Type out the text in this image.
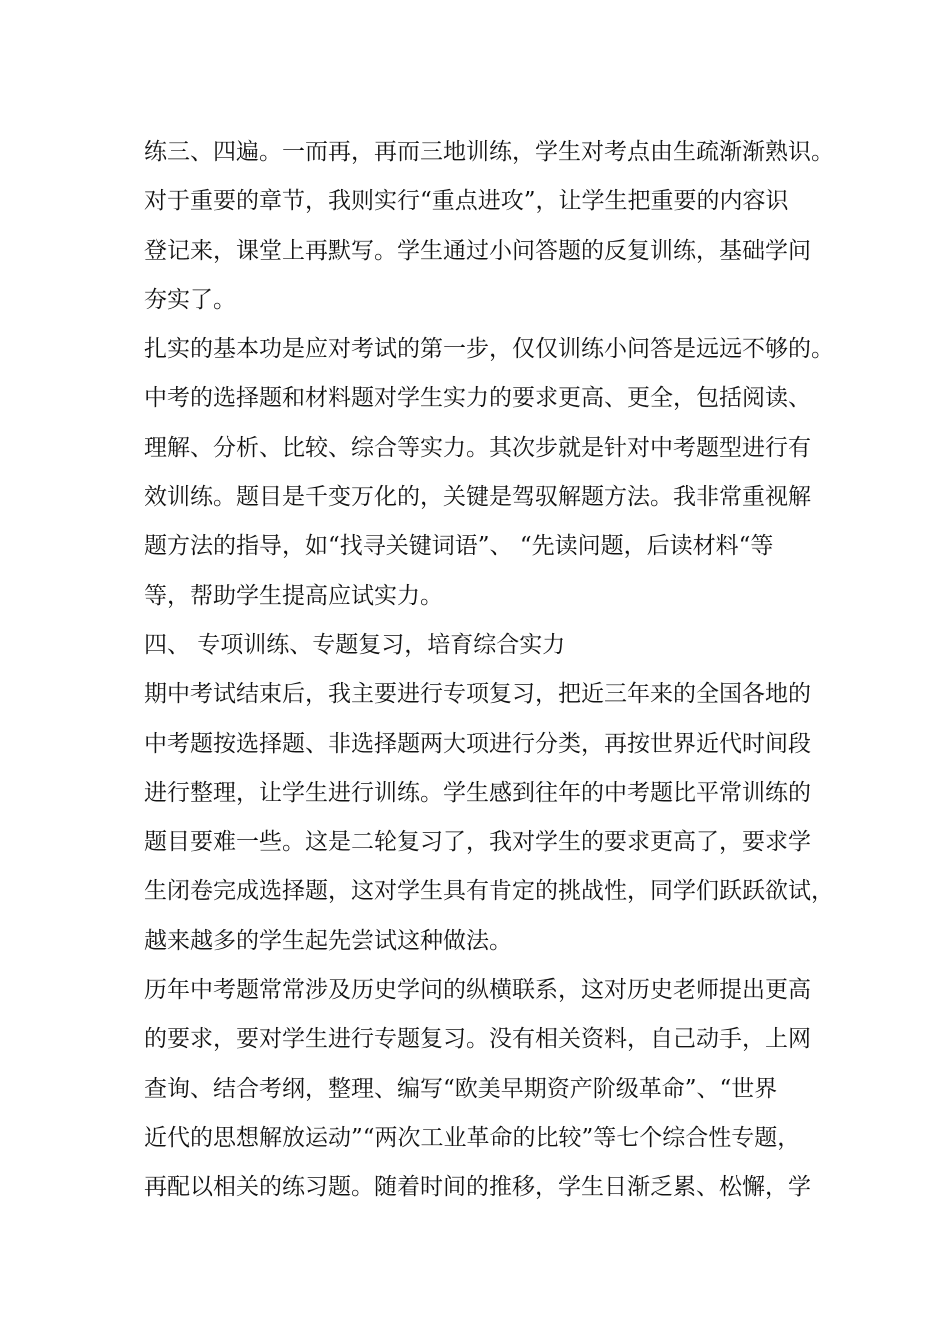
练三、四遍。一而再，再而三地训练，学生对考点由生疏渐渐熟识。
对于重要的章节，我则实行“重点进攻”，让学生把重要的内容识
登记来，课堂上再默写。学生通过小问答题的反复训练，基础学问
夯实了。
扎实的基本功是应对考试的第一步，仅仅训练小问答是远远不够的。
中考的选择题和材料题对学生实力的要求更高、更全，包括阅读、
理解、分析、比较、综合等实力。其次步就是针对中考题型进行有
效训练。题目是千变万化的，关键是驾驭解题方法。我非常重视解
题方法的指导，如“找寻关键词语”、 “先读问题，后读材料“等
等，帮助学生提高应试实力。
四、 专项训练、专题复习，培育综合实力
期中考试结束后，我主要进行专项复习，把近三年来的全国各地的
中考题按选择题、非选择题两大项进行分类，再按世界近代时间段
进行整理，让学生进行训练。学生感到往年的中考题比平常训练的
题目要难一些。这是二轮复习了，我对学生的要求更高了，要求学
生闭卷完成选择题，这对学生具有肯定的挑战性，同学们跃跃欲试，
越来越多的学生起先尝试这种做法。
历年中考题常常涉及历史学问的纵横联系，这对历史老师提出更高
的要求，要对学生进行专题复习。没有相关资料，自己动手，上网
查询、结合考纲，整理、编写“欧美早期资产阶级革命”、“世界
近代的思想解放运动”“两次工业革命的比较”等七个综合性专题，
再配以相关的练习题。随着时间的推移，学生日渐乏累、松懈，学
